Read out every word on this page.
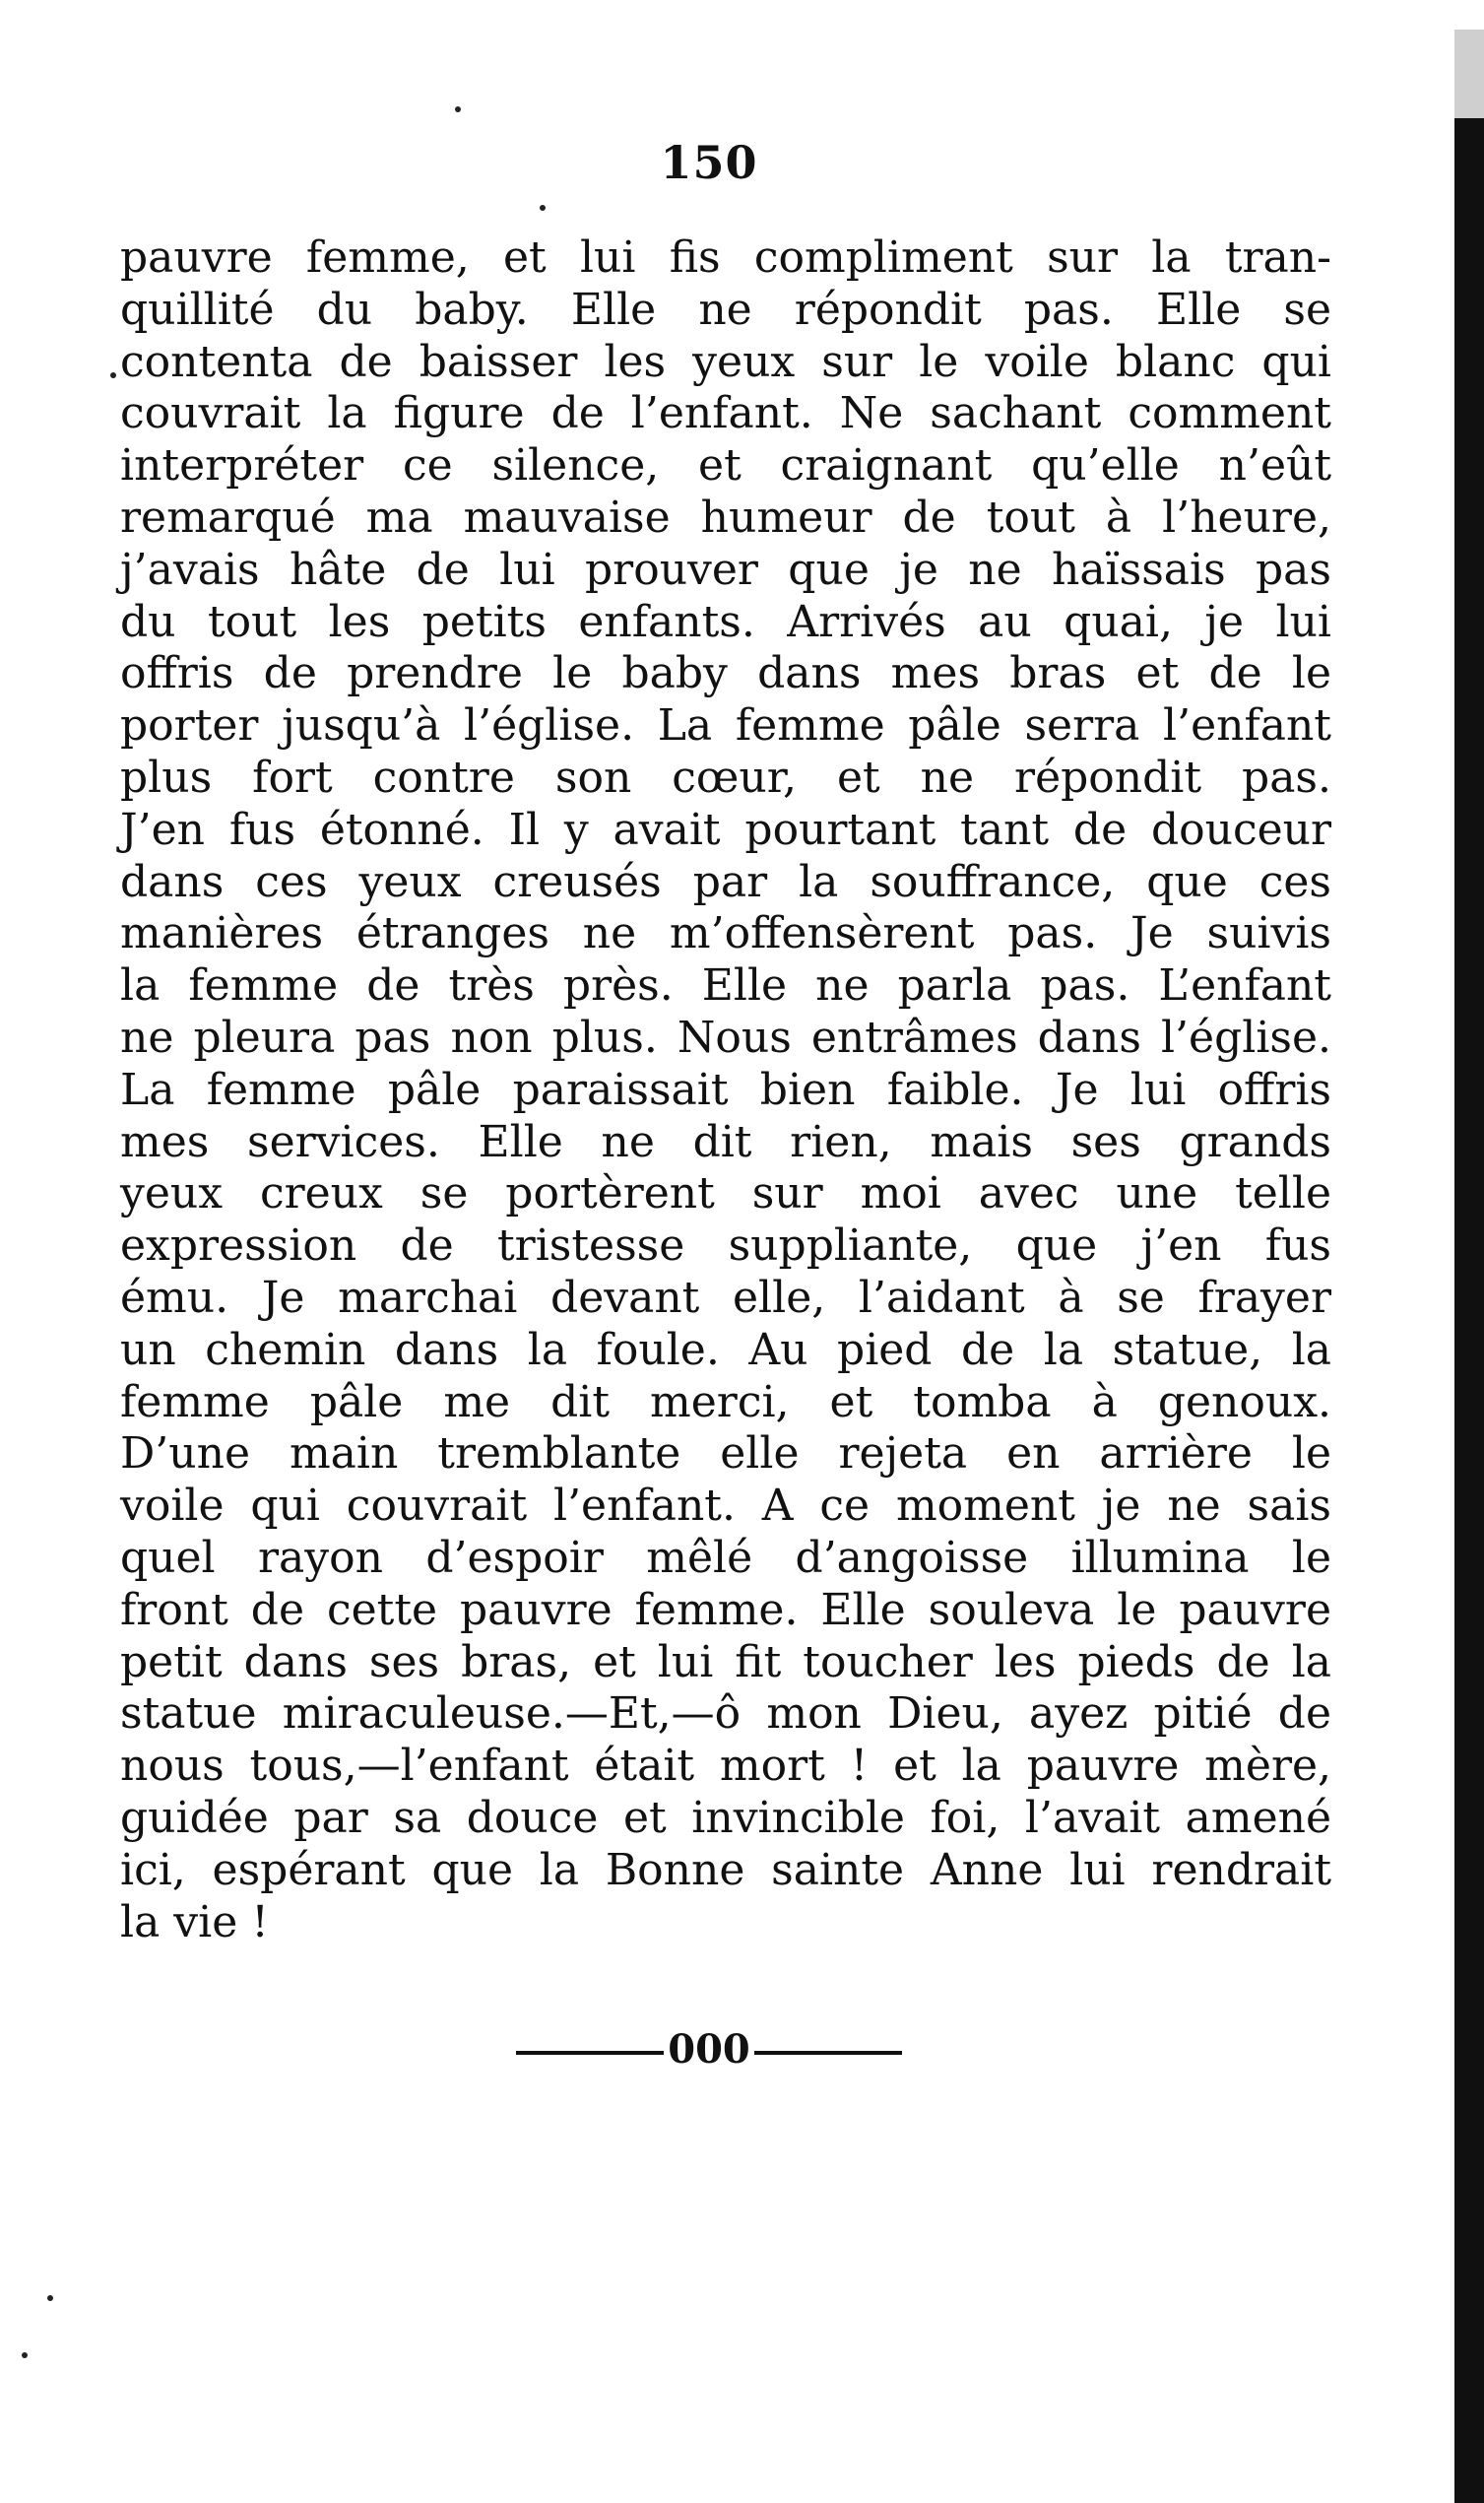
150
pauvre femme, et lui fis compliment sur la tran-
quillité du baby. Elle ne répondit pas. Elle se
contenta de baisser les yeux sur le voile blanc qui
couvrait la figure de l’enfant. Ne sachant comment
interpréter ce silence, et craignant qu’elle n’eût
remarqué ma mauvaise humeur de tout à l’heure,
j’avais hâte de lui prouver que je ne haïssais pas
du tout les petits enfants. Arrivés au quai, je lui
offris de prendre le baby dans mes bras et de le
porter jusqu’à l’église. La femme pâle serra l’enfant
plus fort contre son cœur, et ne répondit pas.
J’en fus étonné. Il y avait pourtant tant de douceur
dans ces yeux creusés par la souffrance, que ces
manières étranges ne m’offensèrent pas. Je suivis
la femme de très près. Elle ne parla pas. L’enfant
ne pleura pas non plus. Nous entrâmes dans l’église.
La femme pâle paraissait bien faible. Je lui offris
mes services. Elle ne dit rien, mais ses grands
yeux creux se portèrent sur moi avec une telle
expression de tristesse suppliante, que j’en fus
ému. Je marchai devant elle, l’aidant à se frayer
un chemin dans la foule. Au pied de la statue, la
femme pâle me dit merci, et tomba à genoux.
D’une main tremblante elle rejeta en arrière le
voile qui couvrait l’enfant. A ce moment je ne sais
quel rayon d’espoir mêlé d’angoisse illumina le
front de cette pauvre femme. Elle souleva le pauvre
petit dans ses bras, et lui fit toucher les pieds de la
statue miraculeuse.—Et,—ô mon Dieu, ayez pitié de
nous tous,—l’enfant était mort ! et la pauvre mère,
guidée par sa douce et invincible foi, l’avait amené
ici, espérant que la Bonne sainte Anne lui rendrait
la vie !
000
